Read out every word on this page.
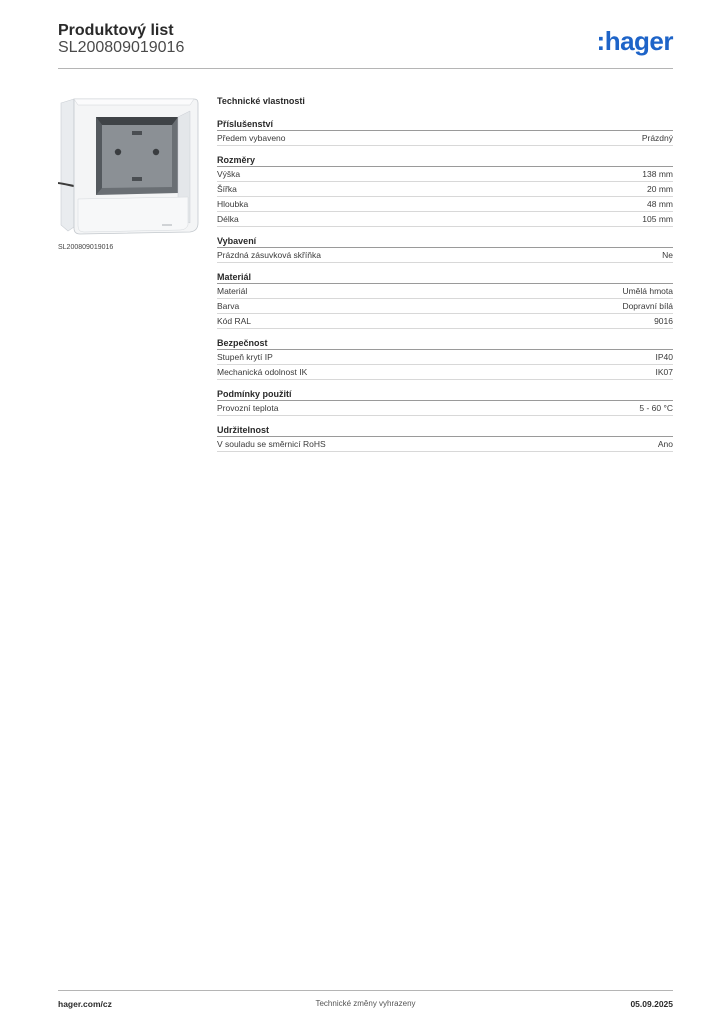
Produktový list
SL200809019016	:hager
SL200809019016
Technické vlastnosti
Příslušenství
Předem vybaveno	Prázdný
Rozměry
Výška	138 mm
Šířka	20 mm
Hloubka	48 mm
Délka	105 mm
Vybavení
Prázdná zásuvková skříňka	Ne
Materiál
Materiál	Umělá hmota
Barva	Dopravní bílá
Kód RAL	9016
Bezpečnost
Stupeň krytí IP	IP40
Mechanická odolnost IK	IK07
Podmínky použití
Provozní teplota	5 - 60 °C
Udržitelnost
V souladu se směrnicí RoHS	Ano
hager.com/cz	Technické změny vyhrazeny	05.09.2025
